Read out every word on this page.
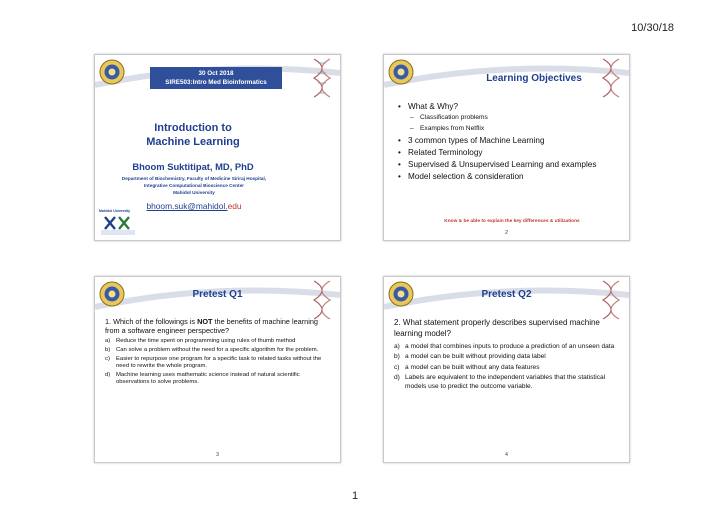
10/30/18
30 Oct 2018
SIRE503:Intro Med Bioinformatics
Introduction to
Machine Learning
Bhoom Suktitipat, MD, PhD
Department of Biochemistry, Faculty of Medicine Siriraj Hospital,
Integrative Computational Bioscience Center
Mahidol University
bhoom.suk@mahidol.edu
Mahidol University
Learning Objectives
• What & Why?
– Classification problems
– Examples from Netflix
• 3 common types of Machine Learning
• Related Terminology
• Supervised & Unsupervised Learning and examples
• Model selection & consideration
Know & be able to explain the key differences & utilizations
2
Pretest Q1

1. Which of the followings is NOT the benefits of machine learning from a software engineer perspective?

a) Reduce the time spent on programming using rules of thumb method
b) Can solve a problem without the need for a specific algorithm for the problem.
c) Easier to repurpose one program for a specific task to related tasks without the need to rewrite the whole program.
d) Machine learning uses mathematic science instead of natural scientific observations to solve problems.
3
Pretest Q2

2. What statement properly describes supervised machine learning model?

a) a model that combines inputs to produce a prediction of an unseen data
b) a model can be built without providing data label
c) a model can be built without any data features
d) Labels are equivalent to the independent variables that the statistical models use to predict the outcome variable.
4
1
